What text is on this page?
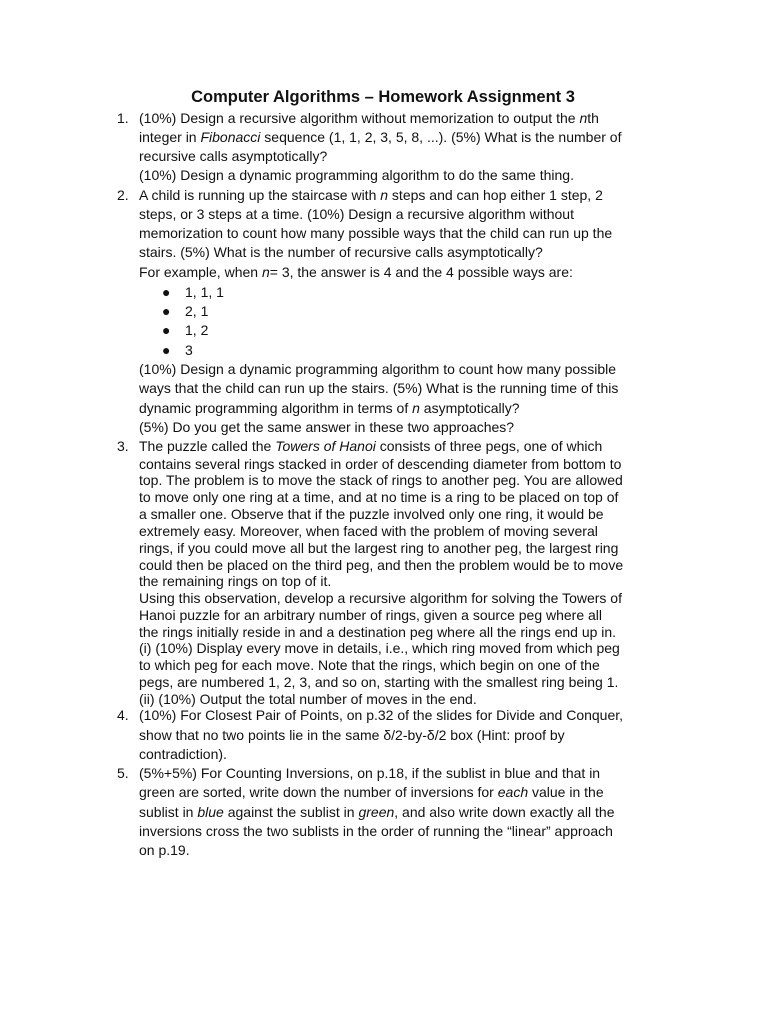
Computer Algorithms – Homework Assignment 3
1. (10%) Design a recursive algorithm without memorization to output the nth
integer in Fibonacci sequence (1, 1, 2, 3, 5, 8, ...). (5%) What is the number of
recursive calls asymptotically?
(10%) Design a dynamic programming algorithm to do the same thing.
2. A child is running up the staircase with n steps and can hop either 1 step, 2
steps, or 3 steps at a time. (10%) Design a recursive algorithm without
memorization to count how many possible ways that the child can run up the
stairs. (5%) What is the number of recursive calls asymptotically?
For example, when n= 3, the answer is 4 and the 4 possible ways are:
● 1, 1, 1
● 2, 1
● 1, 2
● 3
(10%) Design a dynamic programming algorithm to count how many possible
ways that the child can run up the stairs. (5%) What is the running time of this
dynamic programming algorithm in terms of n asymptotically?
(5%) Do you get the same answer in these two approaches?
3. The puzzle called the Towers of Hanoi consists of three pegs, one of which
contains several rings stacked in order of descending diameter from bottom to
top. The problem is to move the stack of rings to another peg. You are allowed
to move only one ring at a time, and at no time is a ring to be placed on top of
a smaller one. Observe that if the puzzle involved only one ring, it would be
extremely easy. Moreover, when faced with the problem of moving several
rings, if you could move all but the largest ring to another peg, the largest ring
could then be placed on the third peg, and then the problem would be to move
the remaining rings on top of it.
Using this observation, develop a recursive algorithm for solving the Towers of
Hanoi puzzle for an arbitrary number of rings, given a source peg where all
the rings initially reside in and a destination peg where all the rings end up in.
(i) (10%) Display every move in details, i.e., which ring moved from which peg
to which peg for each move. Note that the rings, which begin on one of the
pegs, are numbered 1, 2, 3, and so on, starting with the smallest ring being 1.
(ii) (10%) Output the total number of moves in the end.
4. (10%) For Closest Pair of Points, on p.32 of the slides for Divide and Conquer,
show that no two points lie in the same δ/2-by-δ/2 box (Hint: proof by
contradiction).
5. (5%+5%) For Counting Inversions, on p.18, if the sublist in blue and that in
green are sorted, write down the number of inversions for each value in the
sublist in blue against the sublist in green, and also write down exactly all the
inversions cross the two sublists in the order of running the “linear” approach
on p.19.
